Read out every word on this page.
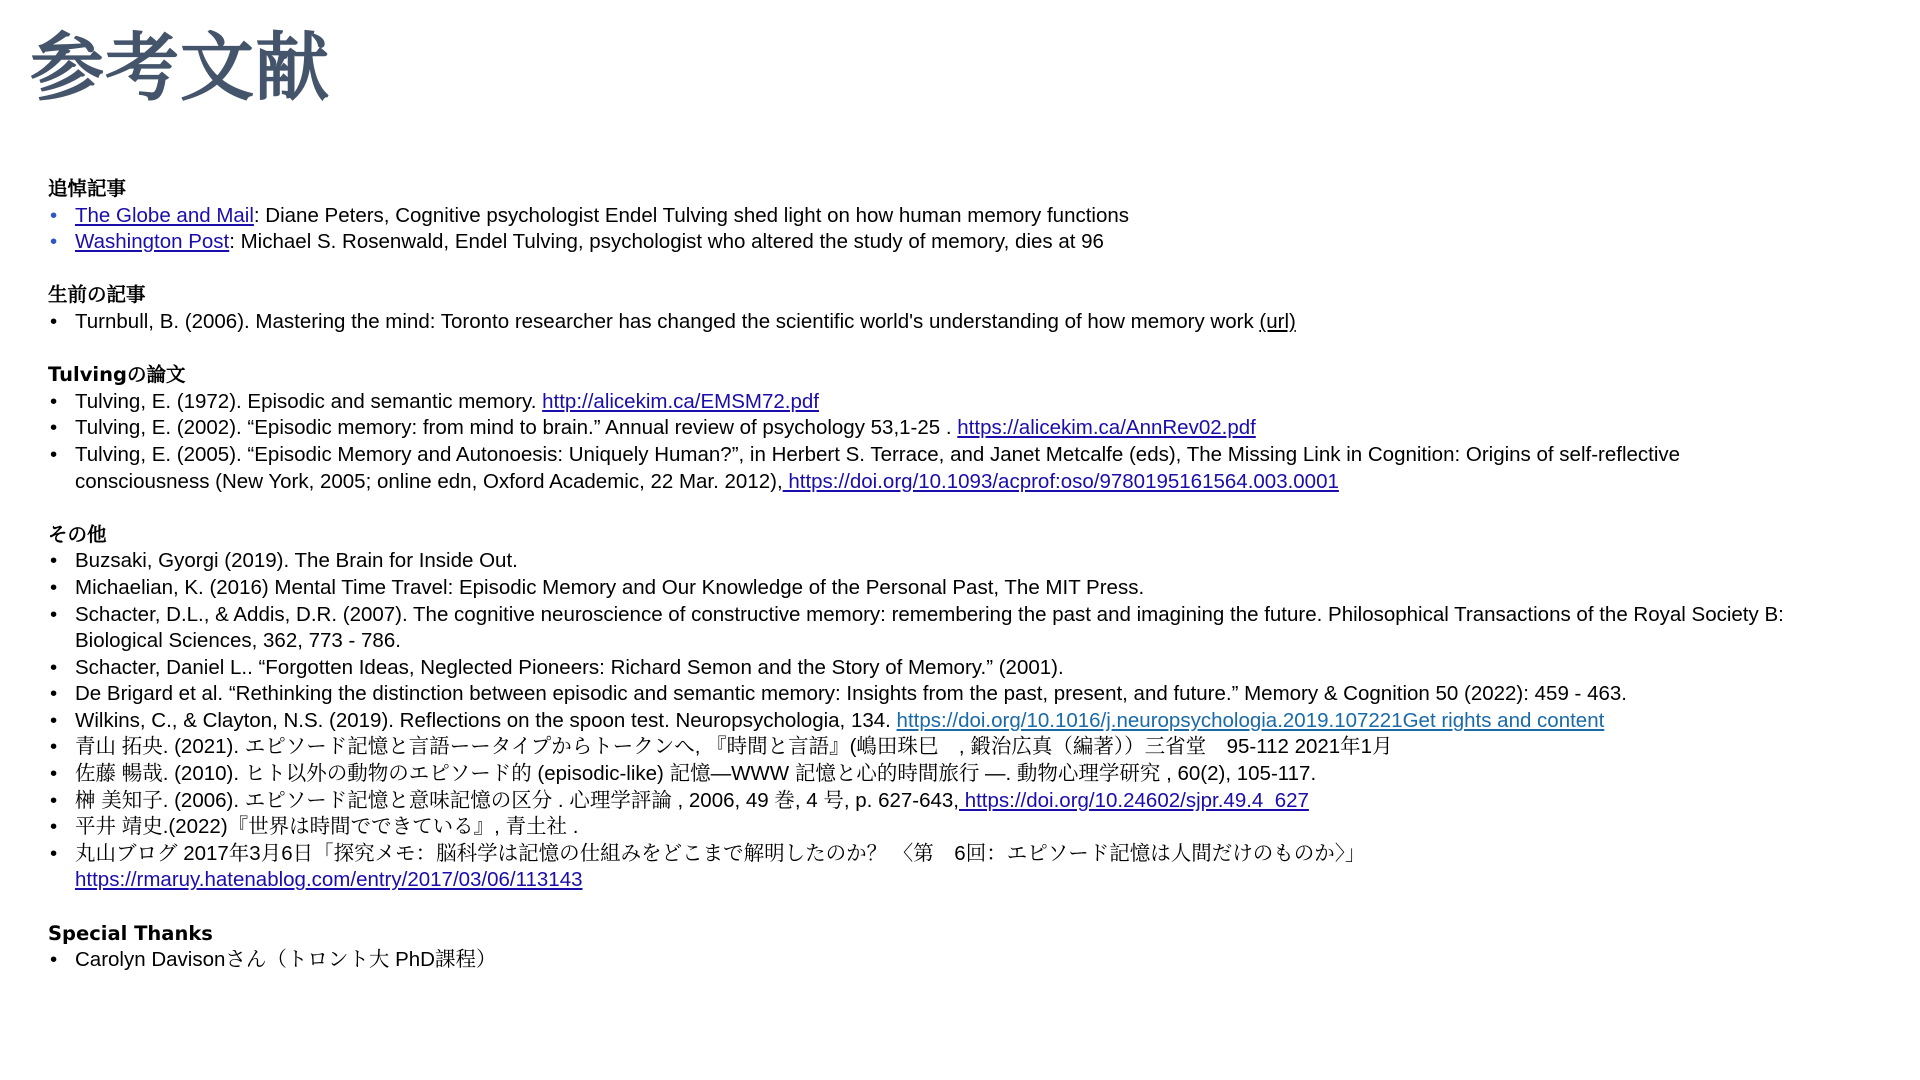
参考文献
追悼記事
• The Globe and Mail: Diane Peters, Cognitive psychologist Endel Tulving shed light on how human memory functions
• Washington Post: Michael S. Rosenwald, Endel Tulving, psychologist who altered the study of memory, dies at 96
生前の記事
• Turnbull, B. (2006). Mastering the mind: Toronto researcher has changed the scientific world's understanding of how memory work (url)
Tulvingの論文
• Tulving, E. (1972). Episodic and semantic memory. http://alicekim.ca/EMSM72.pdf
• Tulving, E. (2002). “Episodic memory: from mind to brain.” Annual review of psychology 53,1-25 . https://alicekim.ca/AnnRev02.pdf
• Tulving, E. (2005). “Episodic Memory and Autonoesis: Uniquely Human?”, in Herbert S. Terrace, and Janet Metcalfe (eds), The Missing Link in Cognition: Origins of self-reflective consciousness (New York, 2005; online edn, Oxford Academic, 22 Mar. 2012), https://doi.org/10.1093/acprof:oso/9780195161564.003.0001
その他
• Buzsaki, Gyorgi (2019). The Brain for Inside Out.
• Michaelian, K. (2016) Mental Time Travel: Episodic Memory and Our Knowledge of the Personal Past, The MIT Press.
• Schacter, D.L., & Addis, D.R. (2007). The cognitive neuroscience of constructive memory: remembering the past and imagining the future. Philosophical Transactions of the Royal Society B: Biological Sciences, 362, 773 - 786.
• Schacter, Daniel L.. “Forgotten Ideas, Neglected Pioneers: Richard Semon and the Story of Memory.” (2001).
• De Brigard et al. “Rethinking the distinction between episodic and semantic memory: Insights from the past, present, and future.” Memory & Cognition 50 (2022): 459 - 463.
• Wilkins, C., & Clayton, N.S. (2019). Reflections on the spoon test. Neuropsychologia, 134. https://doi.org/10.1016/j.neuropsychologia.2019.107221Get rights and content
• 青山 拓央. (2021). エピソード記憶と言語ーータイプからトークンへ, 『時間と言語』(嶋田珠巳　, 鍛治広真（編著））三省堂　95-112 2021年1月
• 佐藤 暢哉. (2010). ヒト以外の動物のエピソード的 (episodic-like) 記憶—WWW 記憶と心的時間旅行 —. 動物心理学研究 , 60(2), 105-117.
• 榊 美知子. (2006). エピソード記憶と意味記憶の区分 . 心理学評論 , 2006, 49 巻, 4 号, p. 627-643, https://doi.org/10.24602/sjpr.49.4_627
• 平井 靖史.(2022)『世界は時間でできている』, 青土社 .
• 丸山ブログ 2017年3月6日「探究メモ：脳科学は記憶の仕組みをどこまで解明したのか？ 〈第　6回：エピソード記憶は人間だけのものか〉」
https://rmaruy.hatenablog.com/entry/2017/03/06/113143
Special Thanks
• Carolyn Davisonさん（トロント大 PhD課程）
